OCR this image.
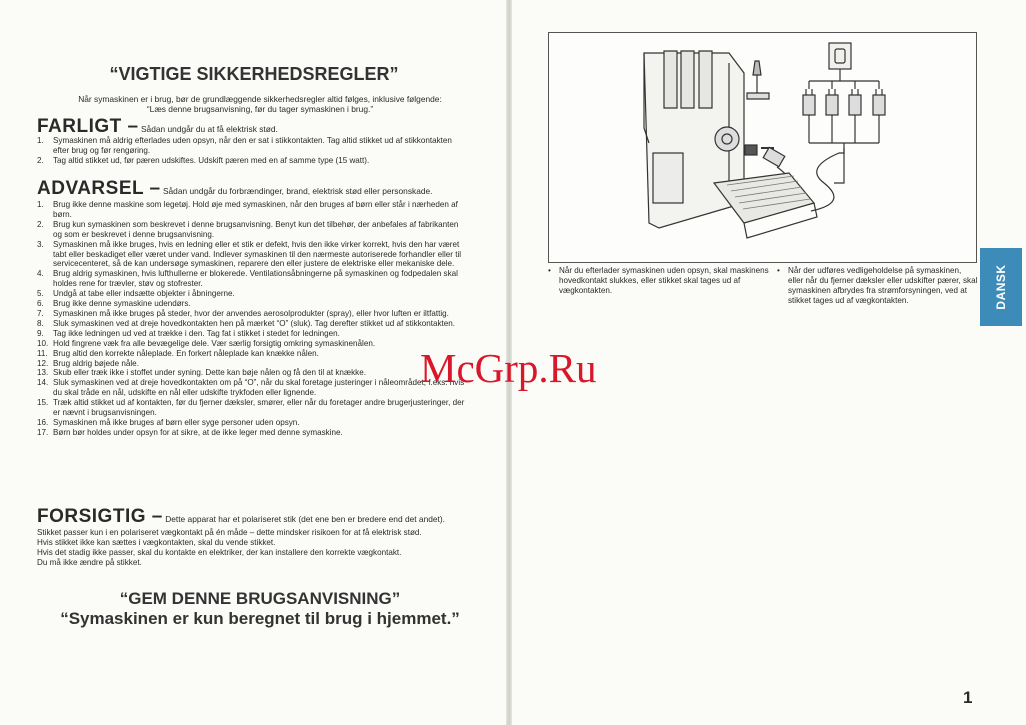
“VIGTIGE SIKKERHEDSREGLER”
Når symaskinen er i brug, bør de grundlæggende sikkerhedsregler altid følges, inklusive følgende:
“Læs denne brugsanvisning, før du tager symaskinen i brug.”
FARLIGT – Sådan undgår du at få elektrisk stød.
1.	Symaskinen må aldrig efterlades uden opsyn, når den er sat i stikkontakten. Tag altid stikket ud af stikkontakten efter brug og før rengøring.
2.	Tag altid stikket ud, før pæren udskiftes. Udskift pæren med en af samme type (15 watt).
ADVARSEL – Sådan undgår du forbrændinger, brand, elektrisk stød eller personskade.
1.	Brug ikke denne maskine som legetøj. Hold øje med symaskinen, når den bruges af børn eller står i nærheden af børn.
2.	Brug kun symaskinen som beskrevet i denne brugsanvisning. Benyt kun det tilbehør, der anbefales af fabrikanten og som er beskrevet i denne brugsanvisning.
3.	Symaskinen må ikke bruges, hvis en ledning eller et stik er defekt, hvis den ikke virker korrekt, hvis den har været tabt eller beskadiget eller været under vand. Indlever symaskinen til den nærmeste autoriserede forhandler eller til servicecenteret, så de kan undersøge symaskinen, reparere den eller justere de elektriske eller mekaniske dele.
4.	Brug aldrig symaskinen, hvis lufthullerne er blokerede. Ventilationsåbningerne på symaskinen og fodpedalen skal holdes rene for trævler, støv og stofrester.
5.	Undgå at tabe eller indsætte objekter i åbningerne.
6.	Brug ikke denne symaskine udendørs.
7.	Symaskinen må ikke bruges på steder, hvor der anvendes aerosolprodukter (spray), eller hvor luften er iltfattig.
8.	Sluk symaskinen ved at dreje hovedkontakten hen på mærket “O” (sluk). Tag derefter stikket ud af stikkontakten.
9.	Tag ikke ledningen ud ved at trække i den. Tag fat i stikket i stedet for ledningen.
10. Hold fingrene væk fra alle bevægelige dele. Vær særlig forsigtig omkring symaskinenålen.
11. Brug altid den korrekte nåleplade. En forkert nåleplade kan knække nålen.
12. Brug aldrig bøjede nåle.
13. Skub eller træk ikke i stoffet under syning. Dette kan bøje nålen og få den til at knække.
14. Sluk symaskinen ved at dreje hovedkontakten om på “O”, når du skal foretage justeringer i nåleområdet, f.eks. hvis du skal tråde en nål, udskifte en nål eller udskifte trykfoden eller lignende.
15. Træk altid stikket ud af kontakten, før du fjerner dæksler, smører, eller når du foretager andre brugerjusteringer, der er nævnt i brugsanvisningen.
16. Symaskinen må ikke bruges af børn eller syge personer uden opsyn.
17. Børn bør holdes under opsyn for at sikre, at de ikke leger med denne symaskine.
FORSIGTIG – Dette apparat har et polariseret stik (det ene ben er bredere end det andet).
Stikket passer kun i en polariseret vægkontakt på én måde – dette mindsker risikoen for at få elektrisk stød.
Hvis stikket ikke kan sættes i vægkontakten, skal du vende stikket.
Hvis det stadig ikke passer, skal du kontakte en elektriker, der kan installere den korrekte vægkontakt.
Du må ikke ændre på stikket.
“GEM DENNE BRUGSANVISNING”
“Symaskinen er kun beregnet til brug i hjemmet.”
• Når du efterlader symaskinen uden opsyn, skal maskinens hovedkontakt slukkes, eller stikket skal tages ud af vægkontakten.
• Når der udføres vedligeholdelse på symaskinen, eller når du fjerner dæksler eller udskifter pærer, skal symaskinen afbrydes fra strømforsyningen, ved at stikket tages ud af vægkontakten.	DANSK
1
McGrp.Ru
